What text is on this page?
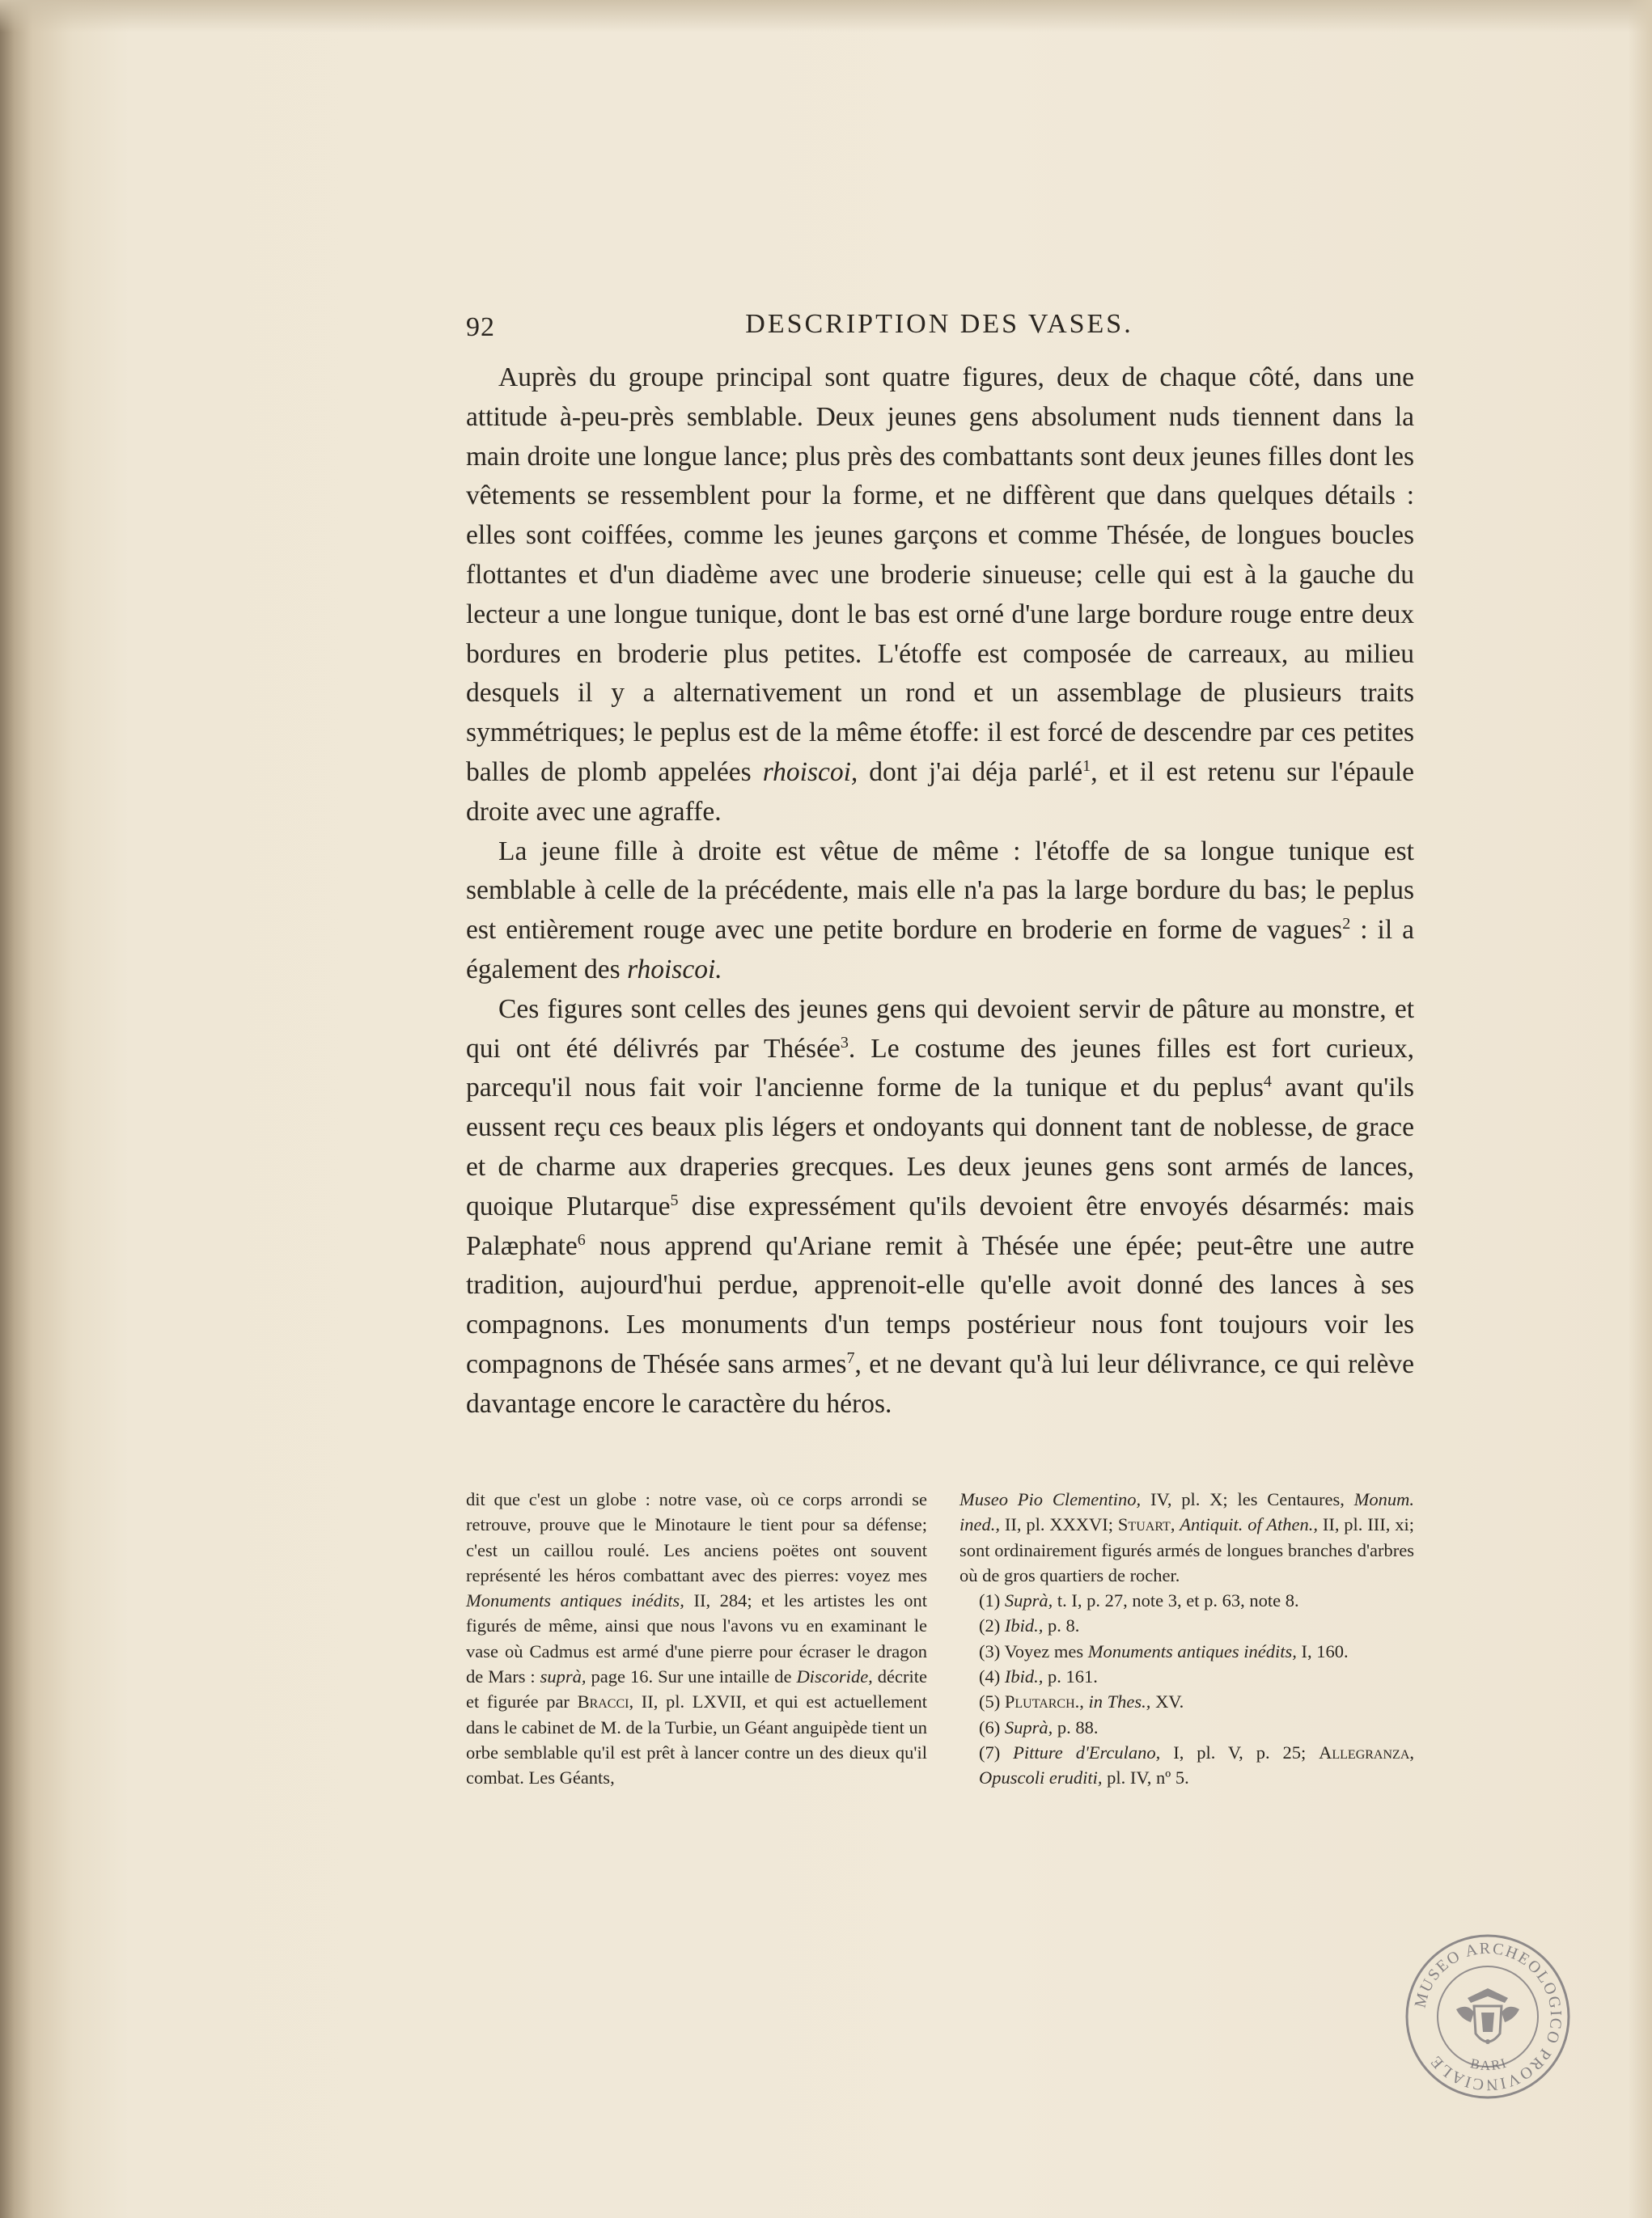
92	DESCRIPTION DES VASES.

Auprès du groupe principal sont quatre figures, deux de chaque côté, dans une attitude à-peu-près semblable. Deux jeunes gens absolument nuds tiennent dans la main droite une longue lance; plus près des combattants sont deux jeunes filles dont les vêtements se ressemblent pour la forme, et ne diffèrent que dans quelques détails : elles sont coiffées, comme les jeunes garçons et comme Thésée, de longues boucles flottantes et d'un diadème avec une broderie sinueuse; celle qui est à la gauche du lecteur a une longue tunique, dont le bas est orné d'une large bordure rouge entre deux bordures en broderie plus petites. L'étoffe est composée de carreaux, au milieu desquels il y a alternativement un rond et un assemblage de plusieurs traits symmétriques; le peplus est de la même étoffe: il est forcé de descendre par ces petites balles de plomb appelées rhoiscoi, dont j'ai déja parlé$^1$, et il est retenu sur l'épaule droite avec une agraffe.

La jeune fille à droite est vêtue de même : l'étoffe de sa longue tunique est semblable à celle de la précédente, mais elle n'a pas la large bordure du bas; le peplus est entièrement rouge avec une petite bordure en broderie en forme de vagues$^2$ : il a également des rhoiscoi.

Ces figures sont celles des jeunes gens qui devoient servir de pâture au monstre, et qui ont été délivrés par Thésée$^3$. Le costume des jeunes filles est fort curieux, parcequ'il nous fait voir l'ancienne forme de la tunique et du peplus$^4$ avant qu'ils eussent reçu ces beaux plis légers et ondoyants qui donnent tant de noblesse, de grace et de charme aux draperies grecques. Les deux jeunes gens sont armés de lances, quoique Plutarque$^5$ dise expressément qu'ils devoient être envoyés désarmés: mais Palæphate$^6$ nous apprend qu'Ariane remit à Thésée une épée; peut-être une autre tradition, aujourd'hui perdue, apprenoit-elle qu'elle avoit donné des lances à ses compagnons. Les monuments d'un temps postérieur nous font toujours voir les compagnons de Thésée sans armes$^7$, et ne devant qu'à lui leur délivrance, ce qui relève davantage encore le caractère du héros.

dit que c'est un globe : notre vase, où ce corps arrondi se retrouve, prouve que le Minotaure le tient pour sa défense; c'est un caillou roulé. Les anciens poëtes ont souvent représenté les héros combattant avec des pierres: voyez mes Monuments antiques inédits, II, 284; et les artistes les ont figurés de même, ainsi que nous l'avons vu en examinant le vase où Cadmus est armé d'une pierre pour écraser le dragon de Mars : suprà, page 16. Sur une intaille de Discoride, décrite et figurée par Bracci, II, pl. LXVII, et qui est actuellement dans le cabinet de M. de la Turbie, un Géant anguipède tient un orbe semblable qu'il est prêt à lancer contre un des dieux qu'il combat. Les Géants,

Museo Pio Clementino, IV, pl. X; les Centaures, Monum. ined., II, pl. XXXVI; Stuart, Antiquit. of Athen., II, pl. III, xi; sont ordinairement figurés armés de longues branches d'arbres où de gros quartiers de rocher.

(1) Suprà, t. I, p. 27, note 3, et p. 63, note 8.

(2) Ibid., p. 8.

(3) Voyez mes Monuments antiques inédits, I, 160.

(4) Ibid., p. 161.

(5) Plutarch., in Thes., XV.

(6) Suprà, p. 88.

(7) Pitture d'Erculano, I, pl. V, p. 25; Allegranza, Opuscoli eruditi, pl. IV, nº 5.

MUSEO ARCHEOLOGICO PROVINCIALE	BARI
